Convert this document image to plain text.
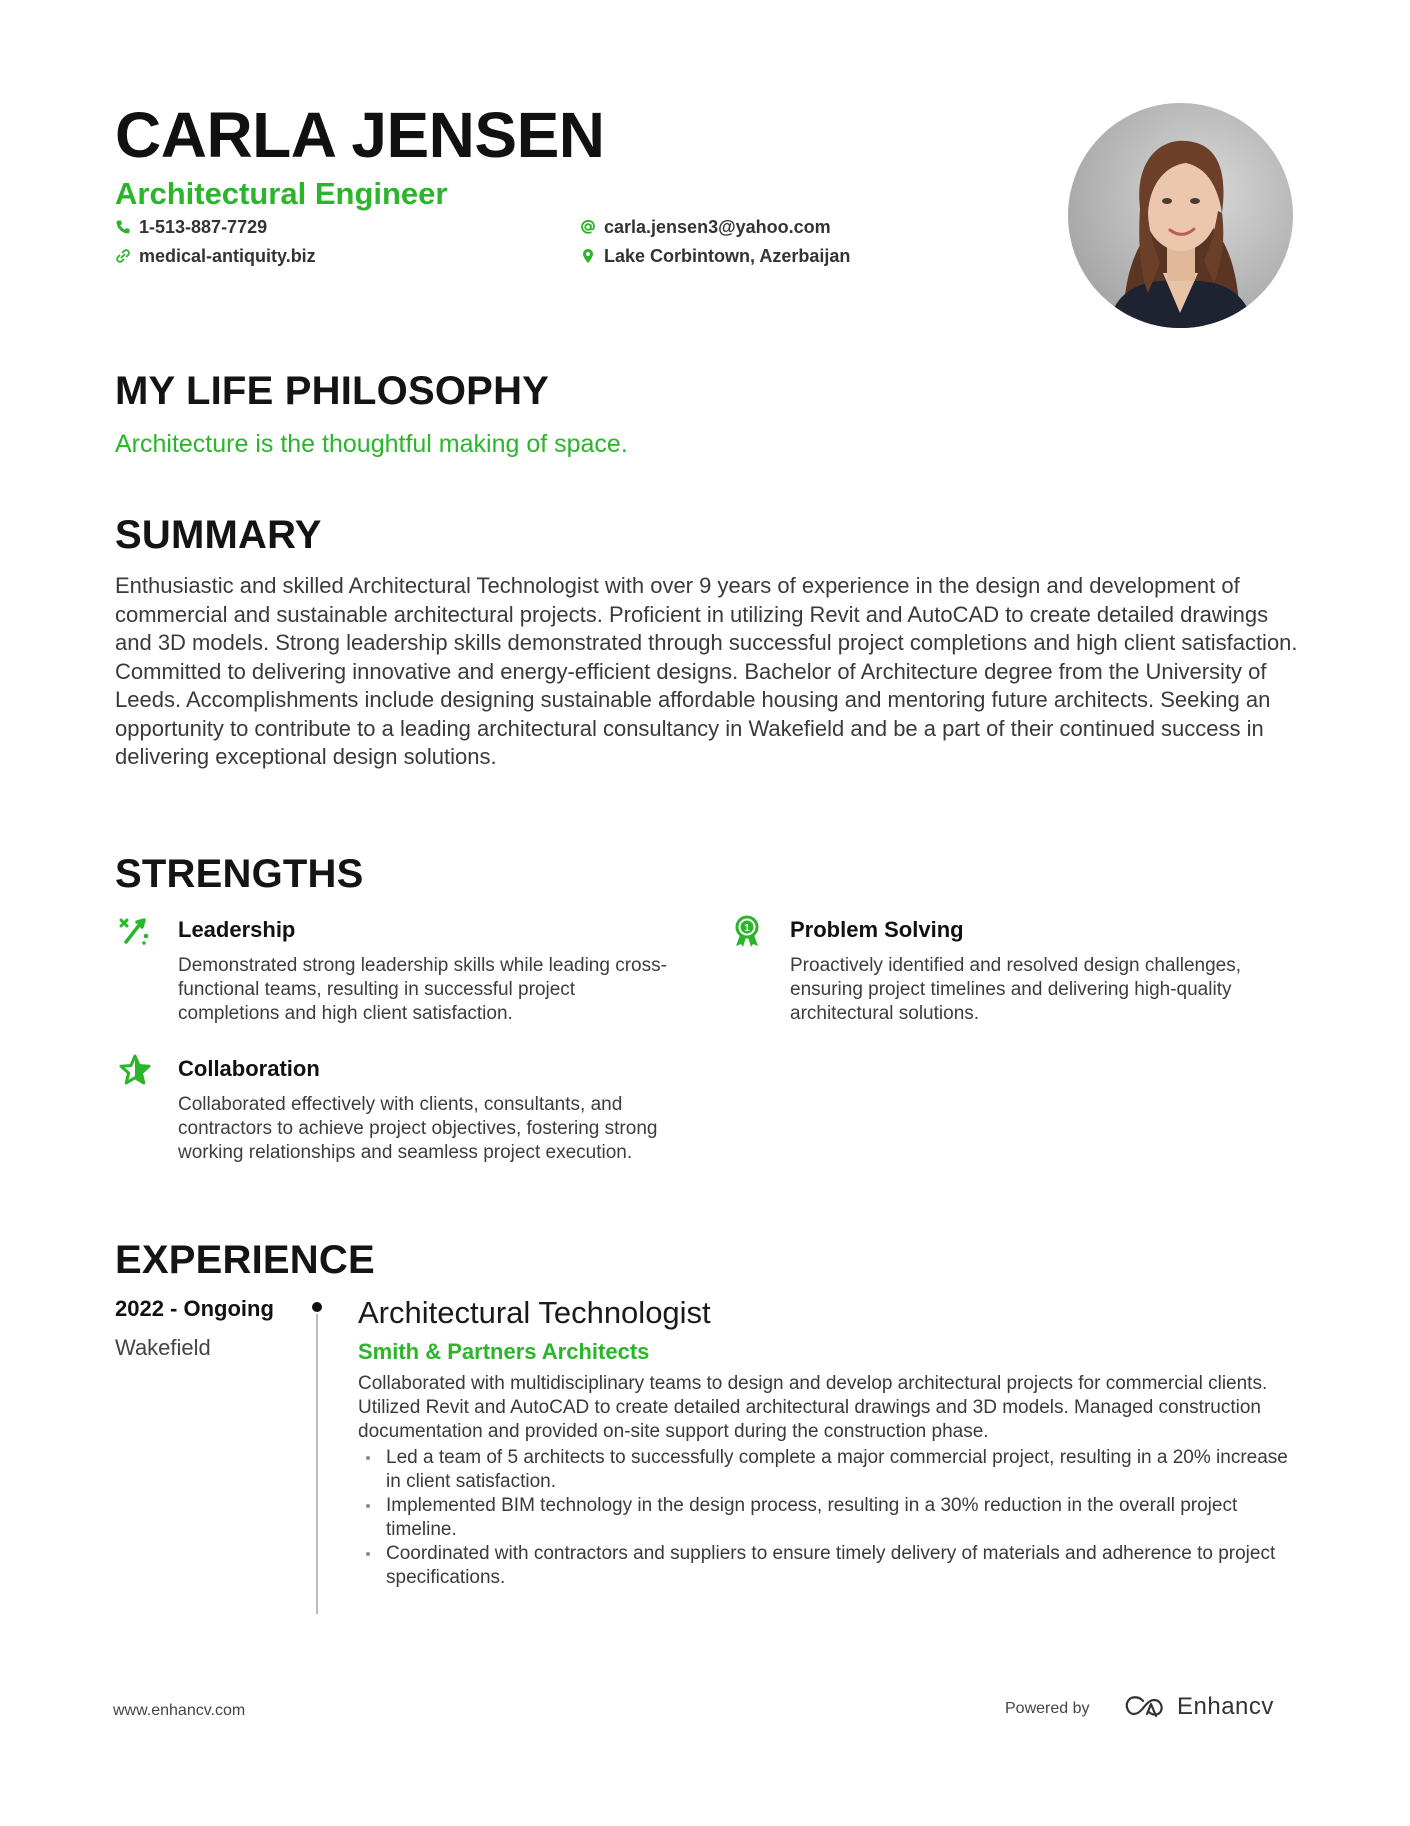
CARLA JENSEN

Architectural Engineer

1-513-887-7729
medical-antiquity.biz
carla.jensen3@yahoo.com
Lake Corbintown, Azerbaijan
MY LIFE PHILOSOPHY

Architecture is the thoughtful making of space.

SUMMARY

Enthusiastic and skilled Architectural Technologist with over 9 years of experience in the design and development of commercial and sustainable architectural projects. Proficient in utilizing Revit and AutoCAD to create detailed drawings and 3D models. Strong leadership skills demonstrated through successful project completions and high client satisfaction. Committed to delivering innovative and energy-efficient designs. Bachelor of Architecture degree from the University of Leeds. Accomplishments include designing sustainable affordable housing and mentoring future architects. Seeking an opportunity to contribute to a leading architectural consultancy in Wakefield and be a part of their continued success in delivering exceptional design solutions.

STRENGTHS

Leadership

Demonstrated strong leadership skills while leading cross-functional teams, resulting in successful project completions and high client satisfaction.

1 Problem Solving

Proactively identified and resolved design challenges, ensuring project timelines and delivering high-quality architectural solutions.

Collaboration

Collaborated effectively with clients, consultants, and contractors to achieve project objectives, fostering strong working relationships and seamless project execution.

EXPERIENCE

2022 - Ongoing

Wakefield

Architectural Technologist

Smith & Partners Architects

Collaborated with multidisciplinary teams to design and develop architectural projects for commercial clients. Utilized Revit and AutoCAD to create detailed architectural drawings and 3D models. Managed construction documentation and provided on-site support during the construction phase.

Led a team of 5 architects to successfully complete a major commercial project, resulting in a 20% increase in client satisfaction.
Implemented BIM technology in the design process, resulting in a 30% reduction in the overall project timeline.
Coordinated with contractors and suppliers to ensure timely delivery of materials and adherence to project specifications.

www.enhancv.com	Powered by	Enhancv
